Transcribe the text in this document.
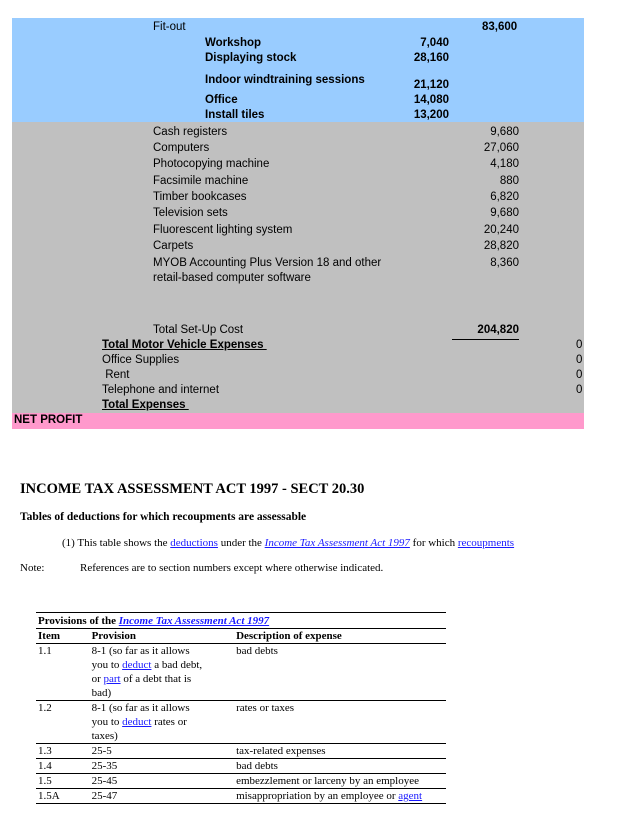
Fit-out	83,600
Workshop	7,040
Displaying stock	28,160
Indoor windtraining sessions	21,120
Office	14,080
Install tiles	13,200
Cash registers	9,680
Computers	27,060
Photocopying machine	4,180
Facsimile machine	880
Timber bookcases	6,820
Television sets	9,680
Fluorescent lighting system	20,240
Carpets	28,820
MYOB Accounting Plus Version 18 and other
retail-based computer software
8,360
Total Set-Up Cost	204,820
Total Motor Vehicle Expenses	0
Office Supplies	0
Rent	0
Telephone and internet	0
Total Expenses
NET PROFIT
INCOME TAX ASSESSMENT ACT 1997 - SECT 20.30
Tables of deductions for which recoupments are assessable
(1) This table shows the deductions under the Income Tax Assessment Act 1997 for which recoupments
Note:	References are to section numbers except where otherwise indicated.
Provisions of the Income Tax Assessment Act 1997		
Item	Provision	Description of expense
1.1	8-1 (so far as it allows
you to deduct a bad debt,
or part of a debt that is
bad)	bad debts
1.2	8-1 (so far as it allows
you to deduct rates or
taxes)	rates or taxes
1.3	25-5	tax-related expenses
1.4	25-35	bad debts
1.5	25-45	embezzlement or larceny by an employee
1.5A	25-47	misappropriation by an employee or agent
